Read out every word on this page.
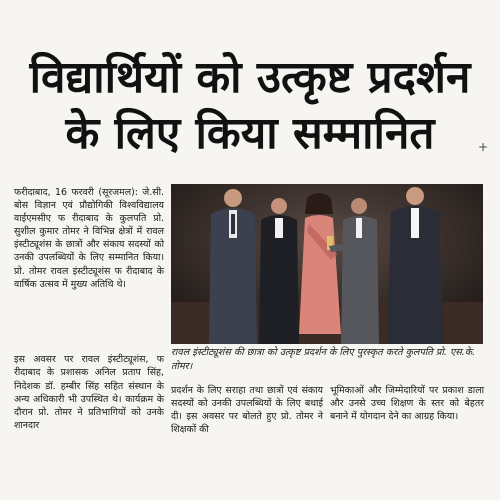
विद्यार्थियों को उत्कृष्ट प्रदर्शन
के लिए किया सम्मानित	+

फरीदाबाद, 16 फरवरी (सूरजमल): जे.सी. बोस विज्ञान एवं प्रौद्योगिकी विश्वविद्यालय वाईएमसीए फ रीदाबाद के कुलपति प्रो. सुशील कुमार तोमर ने विभिन्न क्षेत्रों में रावल इंस्टीट्यूशंस के छात्रों और संकाय सदस्यों को उनकी उपलब्धियों के लिए सम्मानित किया। प्रो. तोमर रावल इंस्टीट्यूशंस फ रीदाबाद के वार्षिक उत्सव में मुख्य अतिथि थे।

इस अवसर पर रावल इंस्टीट्यूशंस, फ रीदाबाद के प्रशासक अनिल प्रताप सिंह, निदेशक डॉ. हम्बीर सिंह सहित संस्थान के अन्य अधिकारी भी उपस्थित थे। कार्यक्रम के दौरान प्रो. तोमर ने प्रतिभागियों को उनके शानदार

रावल इंस्टीट्यूशंस की छात्रा को उत्कृष्ट प्रदर्शन के लिए पुरस्कृत करते कुलपति प्रो. एस.के. तोमर।
प्रदर्शन के लिए सराहा तथा छात्रों एवं संकाय सदस्यों को उनकी उपलब्धियों के लिए बधाई दी। इस अवसर पर बोलते हुए प्रो. तोमर ने शिक्षकों की
भूमिकाओं और जिम्मेदारियों पर प्रकाश डाला और उनसे उच्च शिक्षण के स्तर को बेहतर बनाने में योगदान देने का आग्रह किया।
